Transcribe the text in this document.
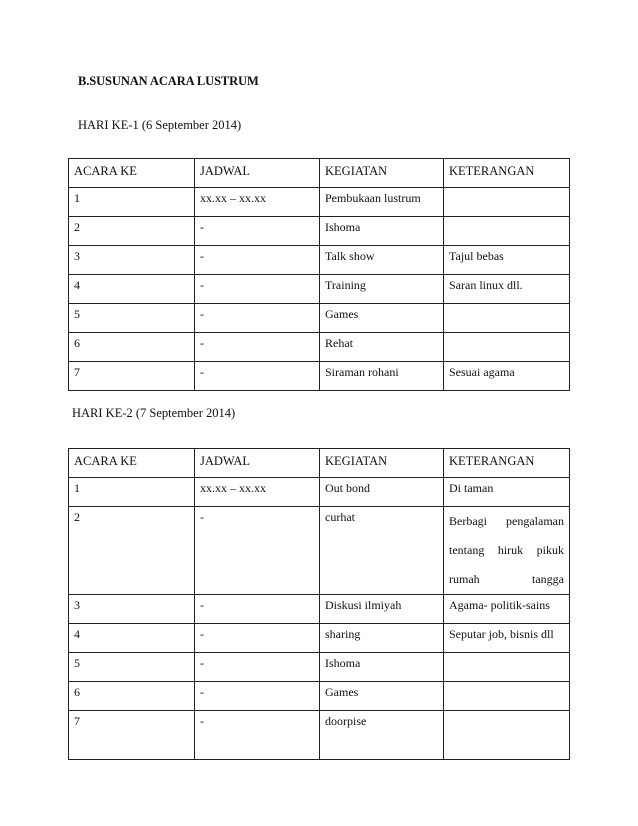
B.SUSUNAN ACARA LUSTRUM
HARI KE-1 (6 September 2014)
ACARA KE	JADWAL	KEGIATAN	KETERANGAN
1	xx.xx – xx.xx	Pembukaan lustrum	
2	-	Ishoma	
3	-	Talk show	Tajul bebas
4	-	Training	Saran linux dll.
5	-	Games	
6	-	Rehat	
7	-	Siraman rohani	Sesuai agama
HARI KE-2 (7 September 2014)
ACARA KE	JADWAL	KEGIATAN	KETERANGAN
1	xx.xx – xx.xx	Out bond	Di taman
2	-	curhat	Berbagi pengalaman tentang hiruk pikuk rumah tangga
3	-	Diskusi ilmiyah	Agama- politik-sains
4	-	sharing	Seputar job, bisnis dll
5	-	Ishoma	
6	-	Games	
7	-	doorpise	
